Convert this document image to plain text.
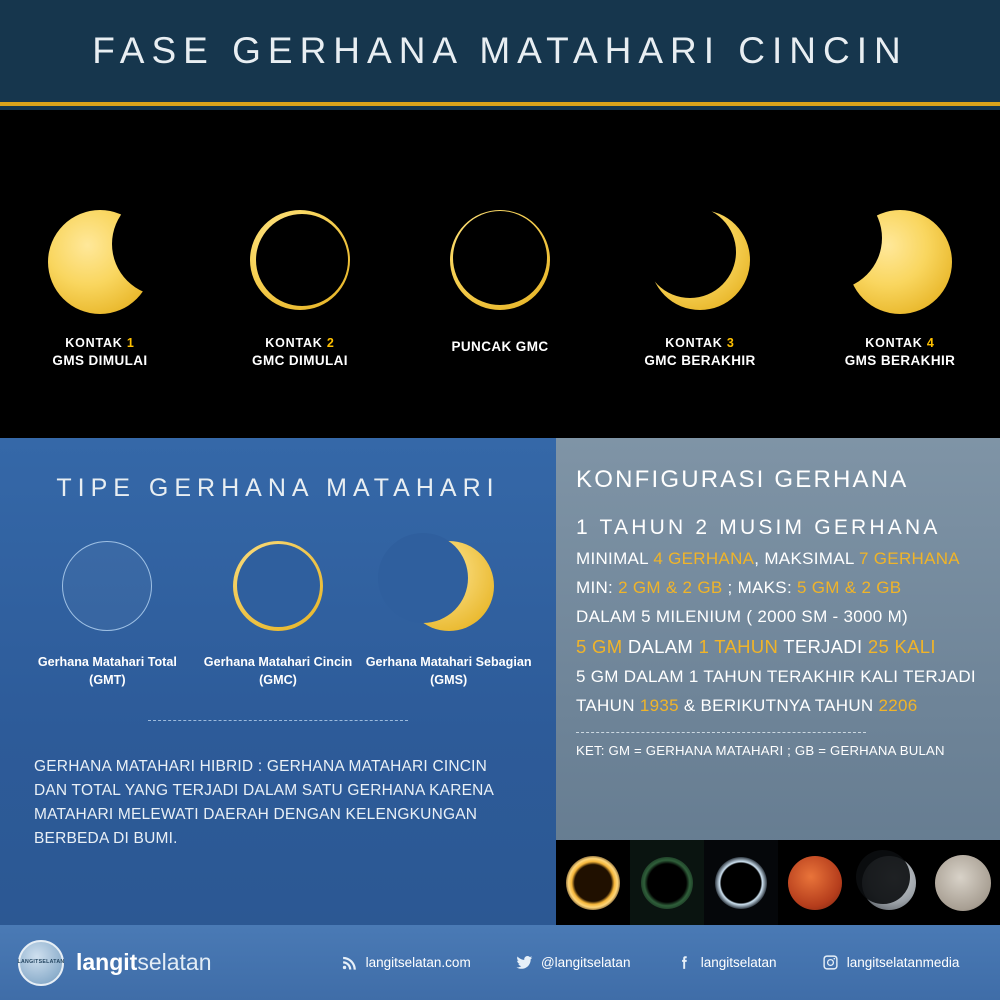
FASE GERHANA MATAHARI CINCIN
KONTAK 1
GMS DIMULAI
KONTAK 2
GMC DIMULAI
PUNCAK GMC	KONTAK 3
GMC BERAKHIR
KONTAK 4
GMS BERAKHIR
TIPE GERHANA MATAHARI
Gerhana Matahari Total
(GMT)
Gerhana Matahari Cincin
(GMC)
Gerhana Matahari Sebagian
(GMS)
GERHANA MATAHARI HIBRID : GERHANA MATAHARI CINCIN DAN TOTAL YANG TERJADI DALAM SATU GERHANA KARENA MATAHARI MELEWATI DAERAH DENGAN KELENGKUNGAN BERBEDA DI BUMI.
KONFIGURASI GERHANA
1 TAHUN 2 MUSIM GERHANA
MINIMAL 4 GERHANA, MAKSIMAL 7 GERHANA
MIN: 2 GM & 2 GB ; MAKS: 5 GM & 2 GB
DALAM 5 MILENIUM ( 2000 SM - 3000 M)
5 GM DALAM 1 TAHUN TERJADI 25 KALI
5 GM DALAM 1 TAHUN TERAKHIR KALI TERJADI
TAHUN 1935 & BERIKUTNYA TAHUN 2206
KET: GM = GERHANA MATAHARI ; GB = GERHANA BULAN
LANGITSELATAN langitselatan	langitselatan.com	@langitselatan	langitselatan	langitselatanmedia
